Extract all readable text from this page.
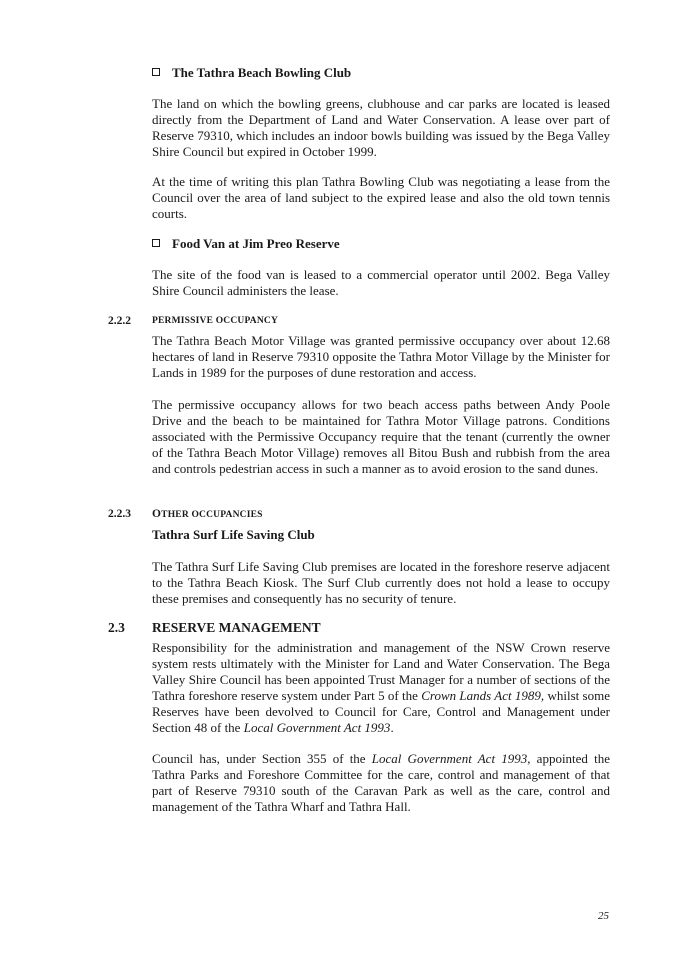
The Tathra Beach Bowling Club

The land on which the bowling greens, clubhouse and car parks are located is leased directly from the Department of Land and Water Conservation. A lease over part of Reserve 79310, which includes an indoor bowls building was issued by the Bega Valley Shire Council but expired in October 1999.

At the time of writing this plan Tathra Bowling Club was negotiating a lease from the Council over the area of land subject to the expired lease and also the old town tennis courts.

Food Van at Jim Preo Reserve

The site of the food van is leased to a commercial operator until 2002. Bega Valley Shire Council administers the lease.

2.2.2 PERMISSIVE OCCUPANCY

The Tathra Beach Motor Village was granted permissive occupancy over about 12.68 hectares of land in Reserve 79310 opposite the Tathra Motor Village by the Minister for Lands in 1989 for the purposes of dune restoration and access.

The permissive occupancy allows for two beach access paths between Andy Poole Drive and the beach to be maintained for Tathra Motor Village patrons. Conditions associated with the Permissive Occupancy require that the tenant (currently the owner of the Tathra Beach Motor Village) removes all Bitou Bush and rubbish from the area and controls pedestrian access in such a manner as to avoid erosion to the sand dunes.

2.2.3 OTHER OCCUPANCIES
Tathra Surf Life Saving Club

The Tathra Surf Life Saving Club premises are located in the foreshore reserve adjacent to the Tathra Beach Kiosk. The Surf Club currently does not hold a lease to occupy these premises and consequently has no security of tenure.

2.3 RESERVE MANAGEMENT

Responsibility for the administration and management of the NSW Crown reserve system rests ultimately with the Minister for Land and Water Conservation. The Bega Valley Shire Council has been appointed Trust Manager for a number of sections of the Tathra foreshore reserve system under Part 5 of the Crown Lands Act 1989, whilst some Reserves have been devolved to Council for Care, Control and Management under Section 48 of the Local Government Act 1993.

Council has, under Section 355 of the Local Government Act 1993, appointed the Tathra Parks and Foreshore Committee for the care, control and management of that part of Reserve 79310 south of the Caravan Park as well as the care, control and management of the Tathra Wharf and Tathra Hall.

25
